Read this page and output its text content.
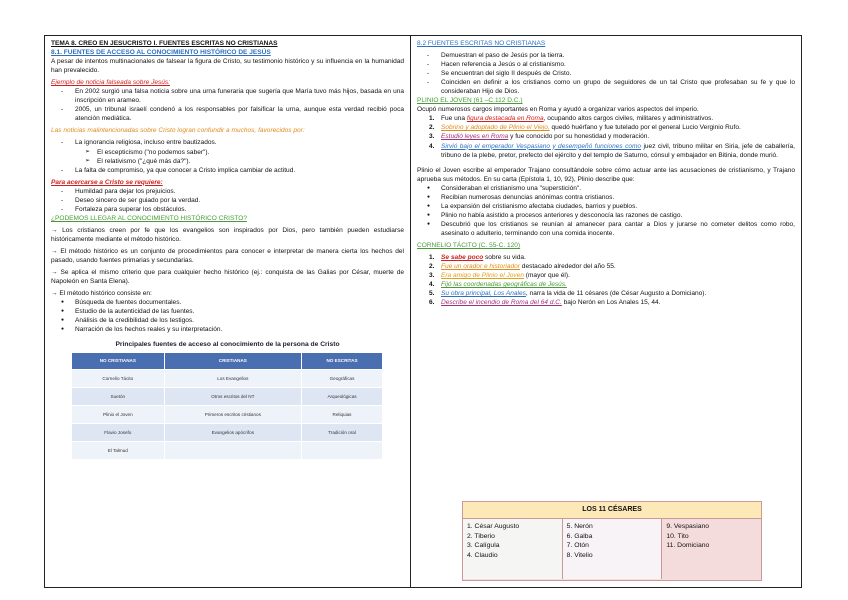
TEMA 8. CREO EN JESUCRISTO I. FUENTES ESCRITAS NO CRISTIANAS

8.1. FUENTES DE ACCESO AL CONOCIMIENTO HISTÓRICO DE JESÚS

A pesar de intentos multinacionales de falsear la figura de Cristo, su testimonio histórico y su influencia en la humanidad han prevalecido.

Ejemplo de noticia falseada sobre Jesús:

- En 2002 surgió una falsa noticia sobre una urna funeraria que sugería que María tuvo más hijos, basada en una inscripción en arameo.
- 2005, un tribunal israelí condenó a los responsables por falsificar la urna, aunque esta verdad recibió poca atención mediática.

Las noticias malintencionadas sobre Cristo logran confundir a muchos, favorecidos por:

- La ignorancia religiosa, incluso entre bautizados.
➢ El escepticismo ("no podemos saber").
➢ El relativismo ("¿qué más da?").
- La falta de compromiso, ya que conocer a Cristo implica cambiar de actitud.

Para acercarse a Cristo se requiere:

- Humildad para dejar los prejuicios.
- Deseo sincero de ser guiado por la verdad.
- Fortaleza para superar los obstáculos.

¿PODEMOS LLEGAR AL CONOCIMIENTO HISTÓRICO CRISTO?

→ Los cristianos creen por fe que los evangelios son inspirados por Dios, pero también pueden estudiarse históricamente mediante el método histórico.

→ El método histórico es un conjunto de procedimientos para conocer e interpretar de manera cierta los hechos del pasado, usando fuentes primarias y secundarias.

→ Se aplica el mismo criterio que para cualquier hecho histórico (ej.: conquista de las Galias por César, muerte de Napoleón en Santa Elena).

→ El método histórico consiste en:

● Búsqueda de fuentes documentales.
● Estudio de la autenticidad de las fuentes.
● Análisis de la credibilidad de los testigos.
● Narración de los hechos reales y su interpretación.

Principales fuentes de acceso al conocimiento de la persona de Cristo

NO CRISTIANAS	CRISTIANAS	NO ESCRITAS
Cornelio Tácito	Los Evangelios	Geográficas
Suetón	Otros escritos del NT	Arqueológicas
Plinio el Joven	Primeros escritos cristianos	Reliquias
Flavio Josefo	Evangelios apócrifos	Tradición oral
El Talmud		

8.2 FUENTES ESCRITAS NO CRISTIANAS

- Demuestran el paso de Jesús por la tierra.
- Hacen referencia a Jesús o al cristianismo.
- Se encuentran del siglo II después de Cristo.
- Coinciden en definir a los cristianos como un grupo de seguidores de un tal Cristo que profesaban su fe y que lo consideraban Hijo de Dios.

PLINIO EL JOVEN (61 –C.112 D.C.)

Ocupó numerosos cargos importantes en Roma y ayudó a organizar varios aspectos del imperio.

1. Fue una figura destacada en Roma, ocupando altos cargos civiles, militares y administrativos.
2. Sobrino y adoptado de Plinio el Viejo, quedó huérfano y fue tutelado por el general Lucio Verginio Rufo.
3. Estudió leyes en Roma y fue conocido por su honestidad y moderación.
4. Sirvió bajo el emperador Vespasiano y desempeñó funciones como juez civil, tribuno militar en Siria, jefe de caballería, tribuno de la plebe, pretor, prefecto del ejército y del templo de Saturno, cónsul y embajador en Bitinia, donde murió.

Plinio el Joven escribe al emperador Trajano consultándole sobre cómo actuar ante las acusaciones de cristianismo, y Trajano aprueba sus métodos. En su carta (Epístola 1, 10, 92), Plinio describe que:

● Consideraban el cristianismo una "superstición".
● Recibían numerosas denuncias anónimas contra cristianos.
● La expansión del cristianismo afectaba ciudades, barrios y pueblos.
● Plinio no había asistido a procesos anteriores y desconocía las razones de castigo.
● Descubrió que los cristianos se reunían al amanecer para cantar a Dios y jurarse no cometer delitos como robo, asesinato o adulterio, terminando con una comida inocente.

CORNELIO TÁCITO (C. 55-C. 120)

1. Se sabe poco sobre su vida.
2. Fue un orador e historiador destacado alrededor del año 55.
3. Era amigo de Plinio el Joven (mayor que él).
4. Fijó las coordenadas geográficas de Jesús.
5. Su obra principal, Los Anales, narra la vida de 11 césares (de César Augusto a Domiciano).
6. Describe el incendio de Roma del 64 d.C. bajo Nerón en Los Anales 15, 44.
LOS 11 CÉSARES
1. César Augusto
2. Tiberio
3. Calígula
4. Claudio
5. Nerón
6. Galba
7. Otón
8. Vitelio
9. Vespasiano
10. Tito
11. Domiciano
